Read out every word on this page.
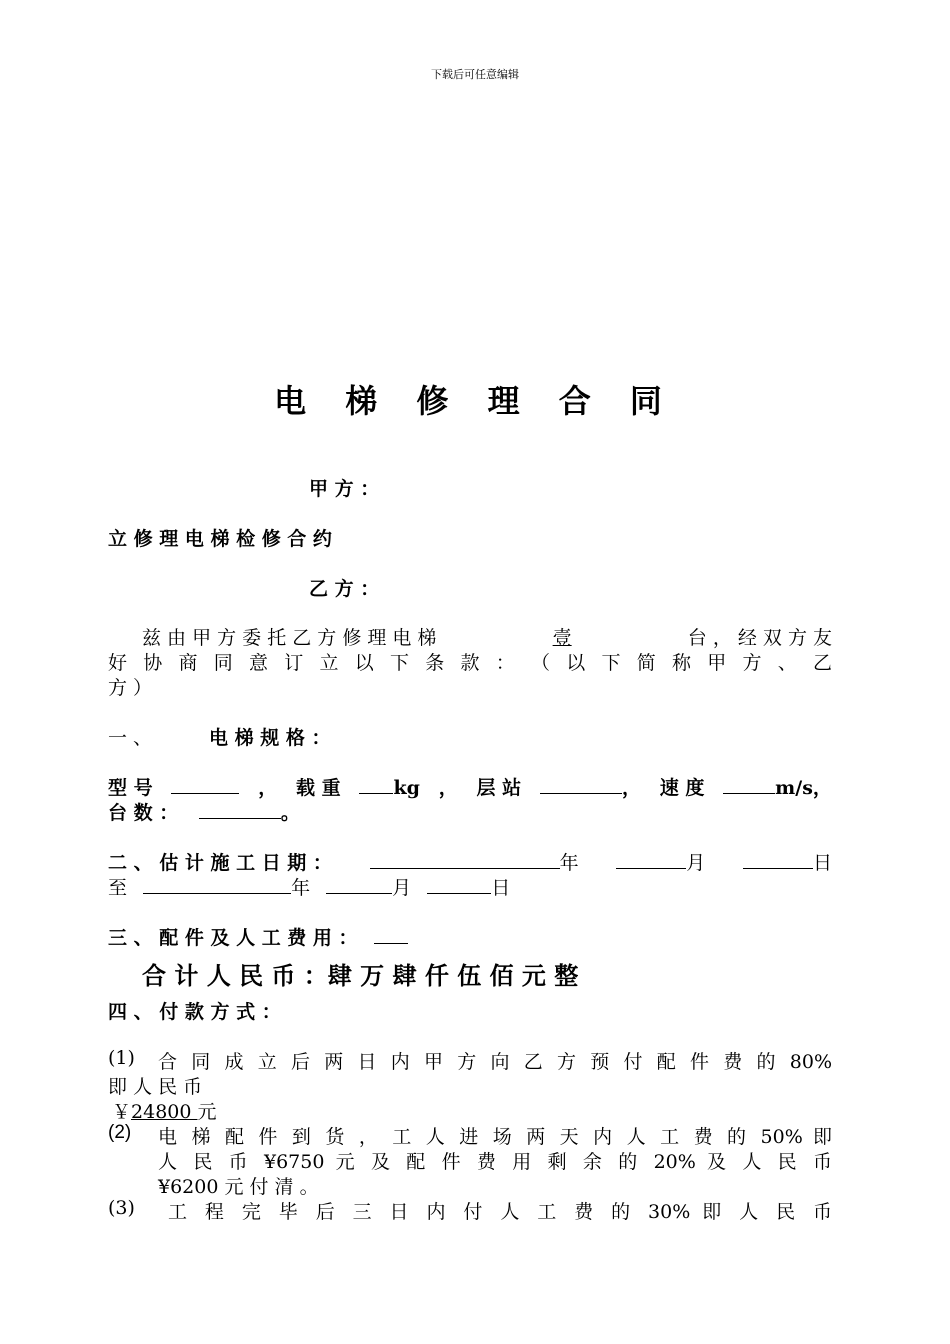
下载后可任意编辑
电 梯 修 理 合 同
甲 方 ：
立 修 理 电 梯 检 修 合 约
乙 方 ：
兹 由 甲 方 委 托 乙 方 修 理 电 梯	壹	台 ， 经 双 方 友
好 协 商 同 意 订 立 以 下 条 款 ： （ 以 下 简 称 甲 方 、 乙
方 ）
一 、	电 梯 规 格 ：
型 号	， 载 重	kg ， 层 站	， 速 度	m/s，
台 数 ：	。
二 、 估 计 施 工 日 期 ：	年	月	日
至	年	月	日
三 、 配 件 及 人 工 费 用 ：
合 计 人 民 币 ：肆 万 肆 仟 伍 佰 元 整
四 、 付 款 方 式 ：
(1) 合 同 成 立 后 两 日 内 甲 方 向 乙 方 预 付 配 件 费 的 80%
即 人 民 币
￥24800 元
(2) 电 梯 配 件 到 货 ， 工 人 进 场 两 天 内 人 工 费 的 50% 即
人 民 币 ¥6750 元 及 配 件 费 用 剩 余 的 20% 及 人 民 币
¥6200 元 付 清 。
(3) 工 程 完 毕 后 三 日 内 付 人 工 费 的 30% 即 人 民 币
